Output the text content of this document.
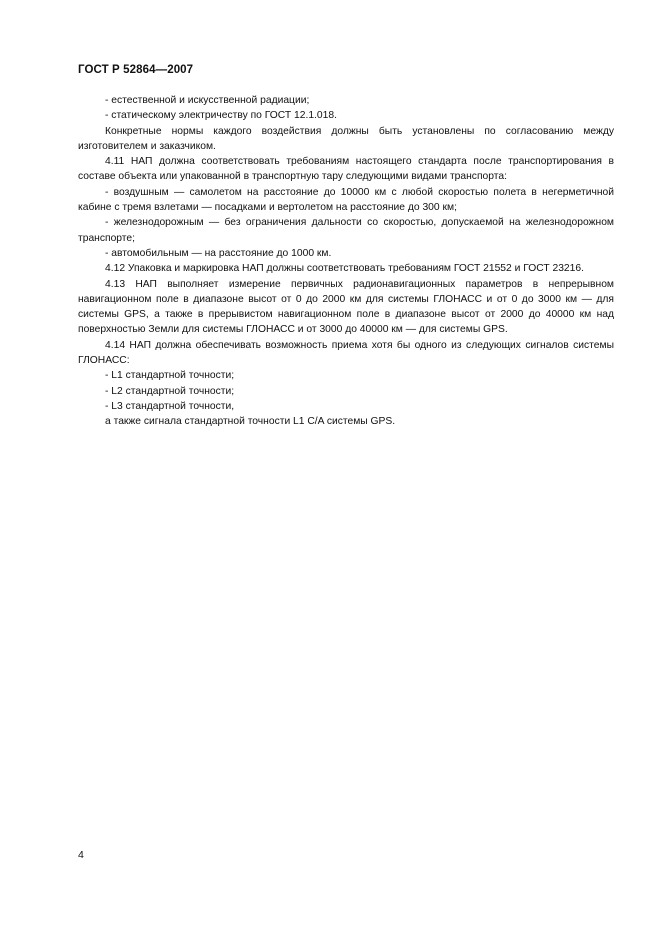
ГОСТ Р 52864—2007

- естественной и искусственной радиации;

- статическому электричеству по ГОСТ 12.1.018.

Конкретные нормы каждого воздействия должны быть установлены по согласованию между изготовителем и заказчиком.

4.11 НАП должна соответствовать требованиям настоящего стандарта после транспортирования в составе объекта или упакованной в транспортную тару следующими видами транспорта:

- воздушным — самолетом на расстояние до 10000 км с любой скоростью полета в негерметичной кабине с тремя взлетами — посадками и вертолетом на расстояние до 300 км;

- железнодорожным — без ограничения дальности со скоростью, допускаемой на железнодорожном транспорте;

- автомобильным — на расстояние до 1000 км.

4.12 Упаковка и маркировка НАП должны соответствовать требованиям ГОСТ 21552 и ГОСТ 23216.

4.13 НАП выполняет измерение первичных радионавигационных параметров в непрерывном навигационном поле в диапазоне высот от 0 до 2000 км для системы ГЛОНАСС и от 0 до 3000 км — для системы GPS, а также в прерывистом навигационном поле в диапазоне высот от 2000 до 40000 км над поверхностью Земли для системы ГЛОНАСС и от 3000 до 40000 км — для системы GPS.

4.14 НАП должна обеспечивать возможность приема хотя бы одного из следующих сигналов системы ГЛОНАСС:

- L1 стандартной точности;

- L2 стандартной точности;

- L3 стандартной точности,

а также сигнала стандартной точности L1 C/A системы GPS.

4
